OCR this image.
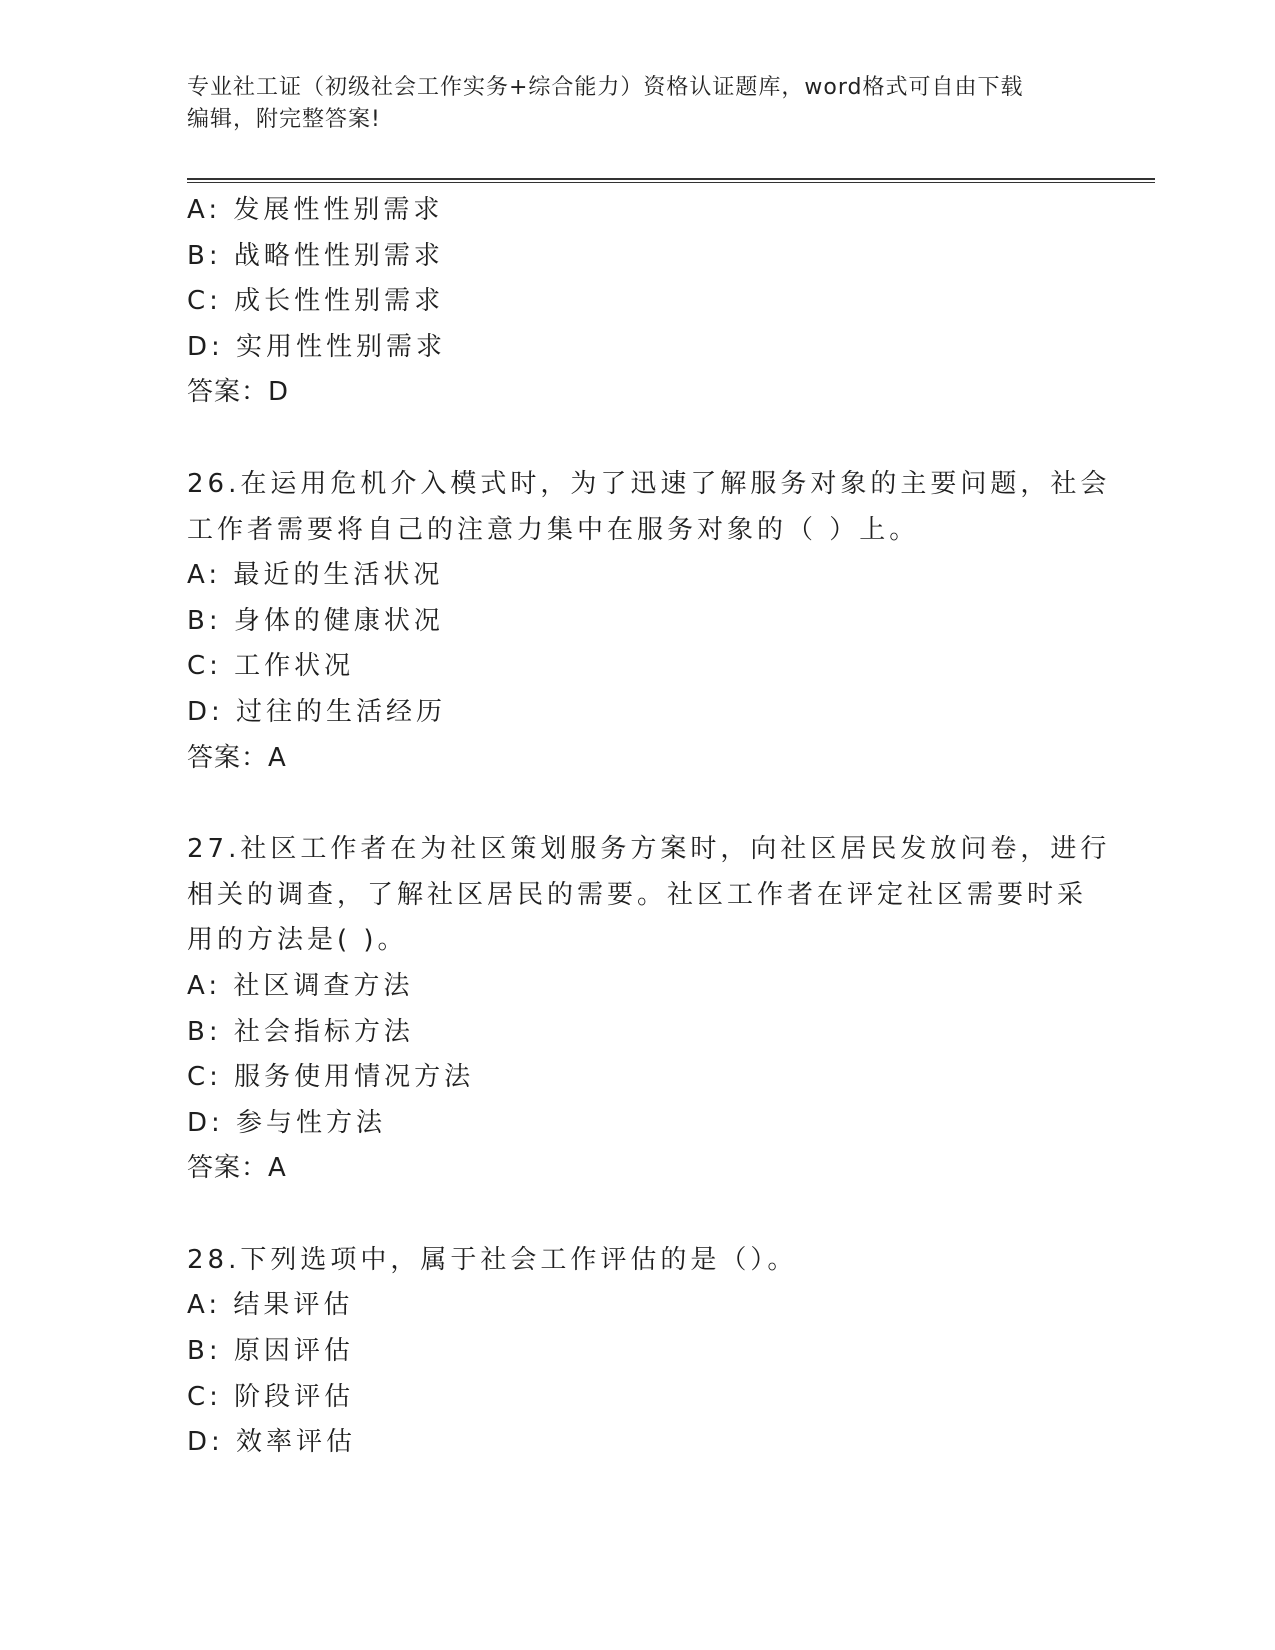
专业社工证（初级社会工作实务+综合能力）资格认证题库，word格式可自由下载
编辑，附完整答案!
A: 发展性性别需求
B: 战略性性别需求
C: 成长性性别需求
D: 实用性性别需求
答案：D
26.在运用危机介入模式时，为了迅速了解服务对象的主要问题，社会
工作者需要将自己的注意力集中在服务对象的（ ）上。
A: 最近的生活状况
B: 身体的健康状况
C: 工作状况
D: 过往的生活经历
答案：A
27.社区工作者在为社区策划服务方案时，向社区居民发放问卷，进行
相关的调查，了解社区居民的需要。社区工作者在评定社区需要时采
用的方法是( )。
A: 社区调查方法
B: 社会指标方法
C: 服务使用情况方法
D: 参与性方法
答案：A
28.下列选项中，属于社会工作评估的是（）。
A: 结果评估
B: 原因评估
C: 阶段评估
D: 效率评估
